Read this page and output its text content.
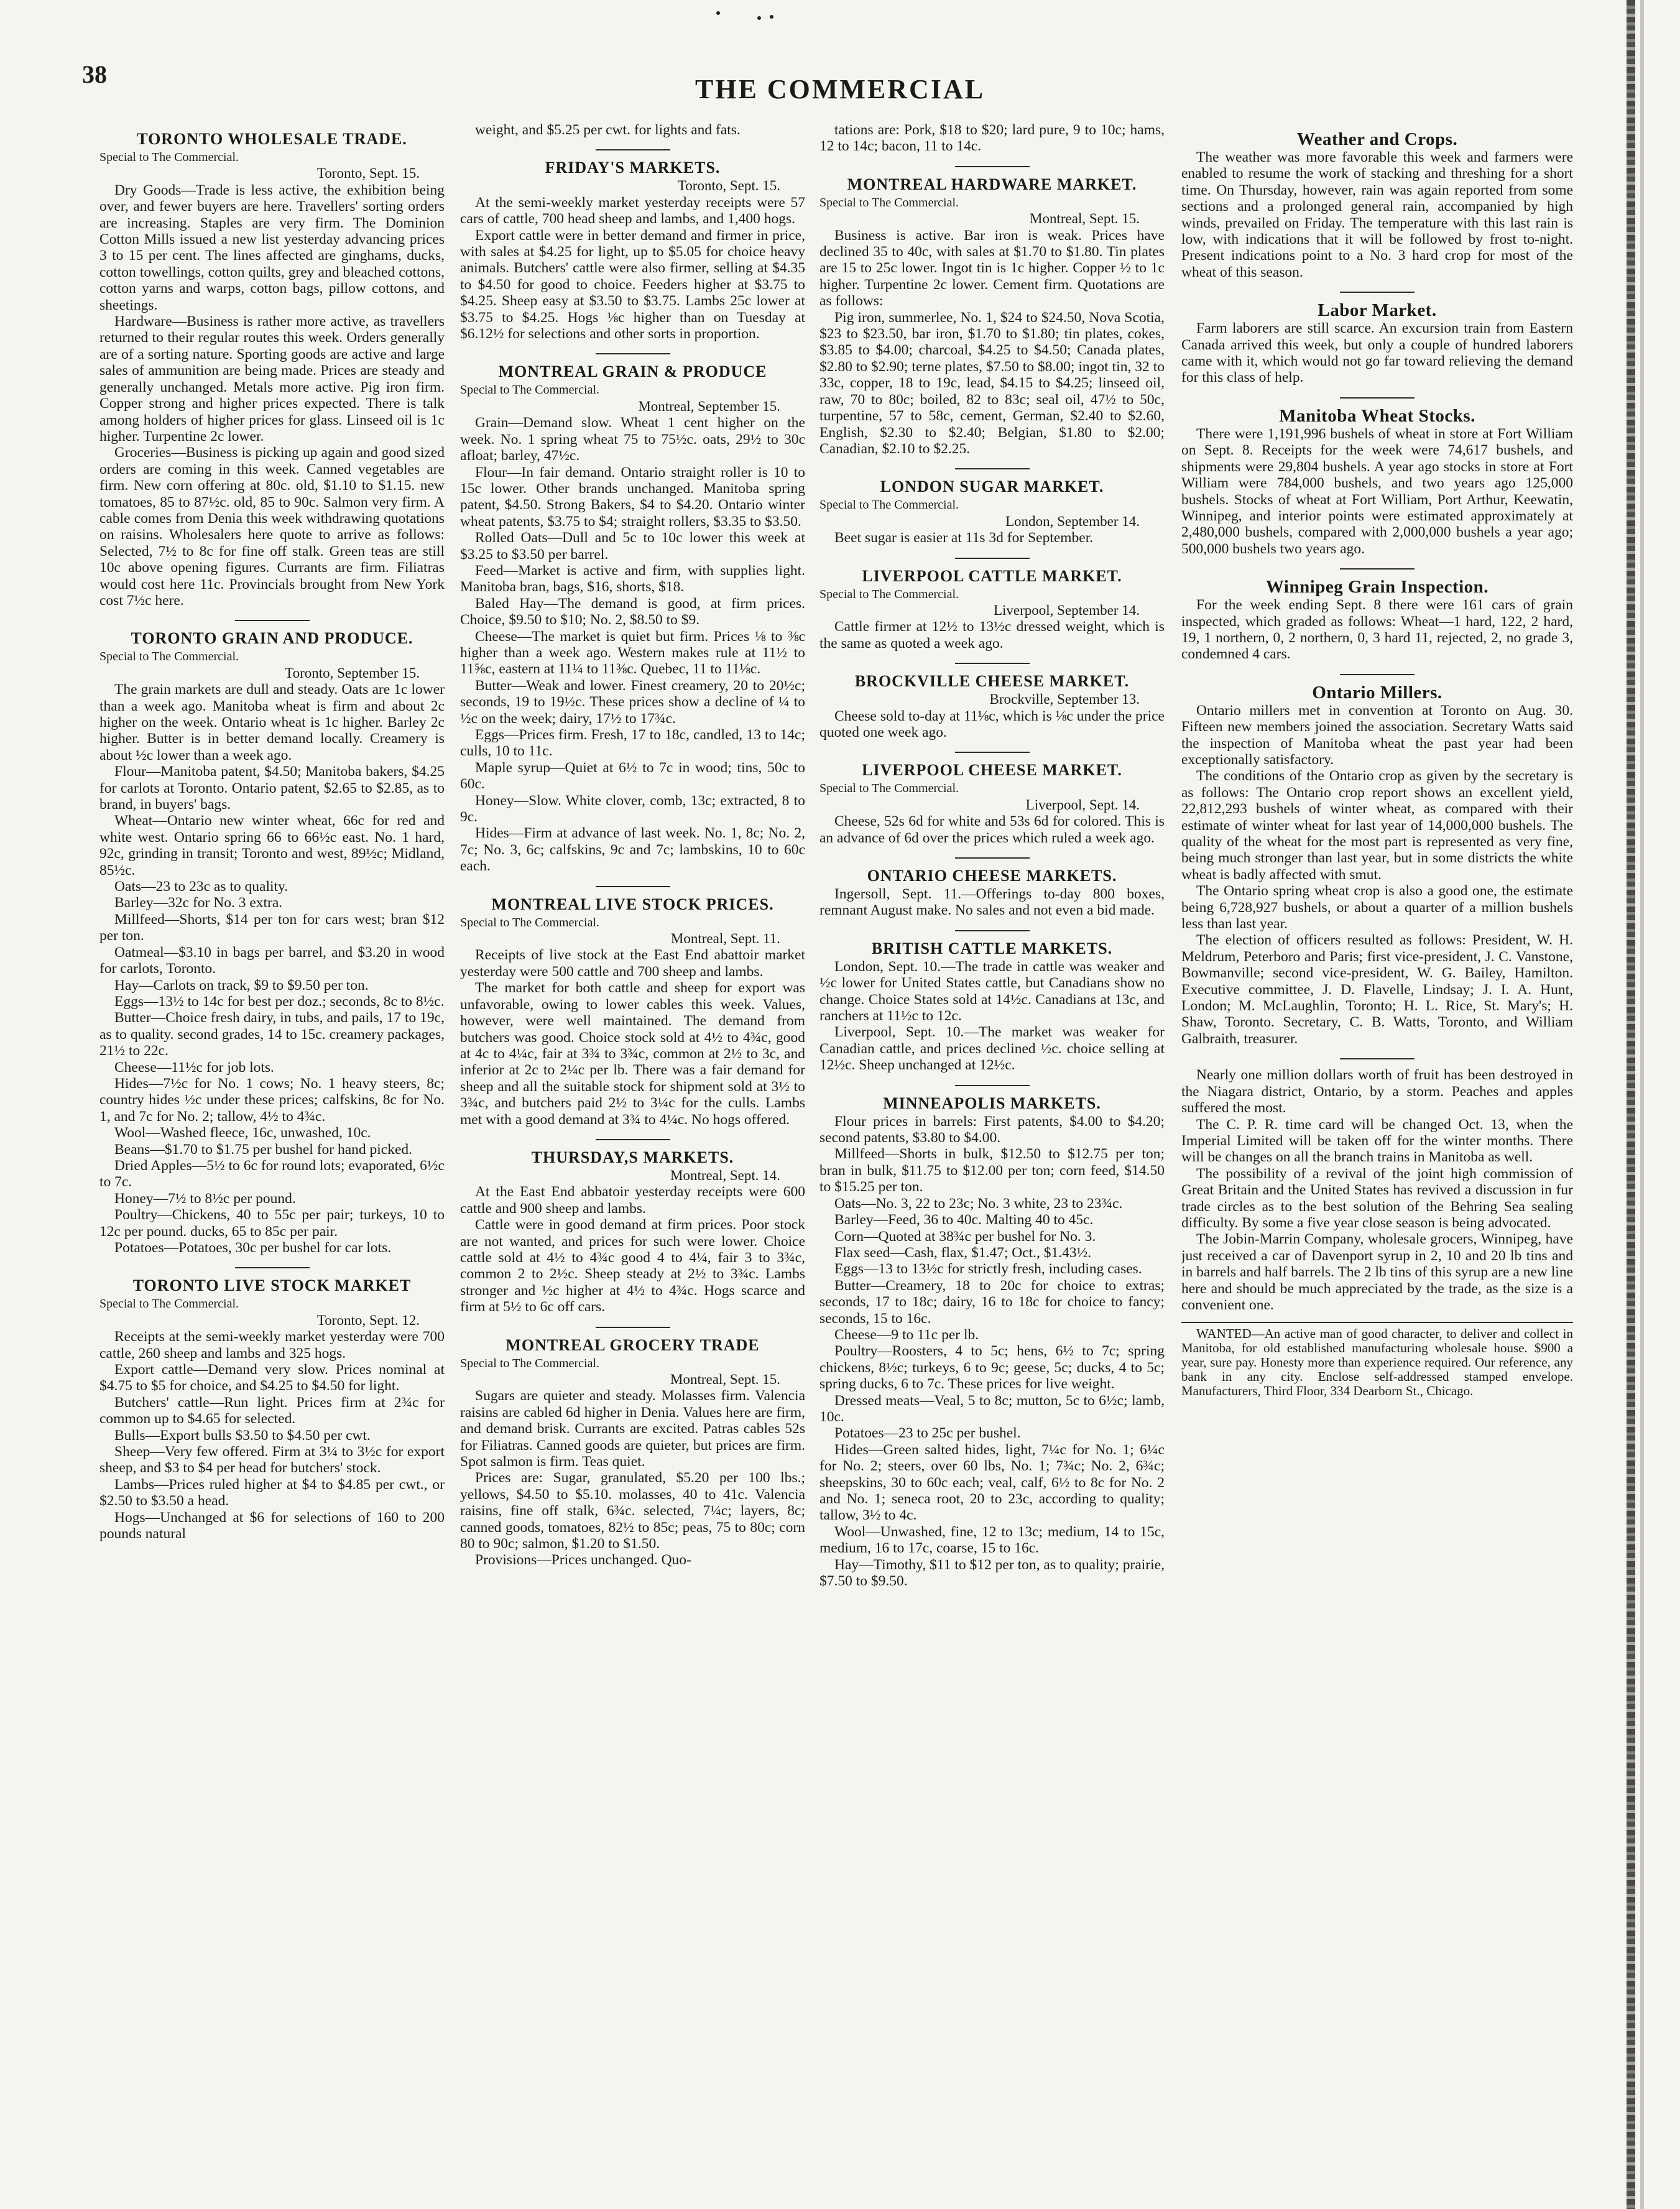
38	THE COMMERCIAL
TORONTO WHOLESALE TRADE.
Special to The Commercial.
Toronto, Sept. 15.

Dry Goods—Trade is less active, the exhibition being over, and fewer buyers are here. Travellers' sorting orders are increasing. Staples are very firm. The Dominion Cotton Mills issued a new list yesterday advancing prices 3 to 15 per cent. The lines affected are ginghams, ducks, cotton towellings, cotton quilts, grey and bleached cottons, cotton yarns and warps, cotton bags, pillow cottons, and sheetings.

Hardware—Business is rather more active, as travellers returned to their regular routes this week. Orders generally are of a sorting nature. Sporting goods are active and large sales of ammunition are being made. Prices are steady and generally unchanged. Metals more active. Pig iron firm. Copper strong and higher prices expected. There is talk among holders of higher prices for glass. Linseed oil is 1c higher. Turpentine 2c lower.

Groceries—Business is picking up again and good sized orders are coming in this week. Canned vegetables are firm. New corn offering at 80c. old, $1.10 to $1.15. new tomatoes, 85 to 87½c. old, 85 to 90c. Salmon very firm. A cable comes from Denia this week withdrawing quotations on raisins. Wholesalers here quote to arrive as follows: Selected, 7½ to 8c for fine off stalk. Green teas are still 10c above opening figures. Currants are firm. Filiatras would cost here 11c. Provincials brought from New York cost 7½c here.

TORONTO GRAIN AND PRODUCE.
Special to The Commercial.
Toronto, September 15.

The grain markets are dull and steady. Oats are 1c lower than a week ago. Manitoba wheat is firm and about 2c higher on the week. Ontario wheat is 1c higher. Barley 2c higher. Butter is in better demand locally. Creamery is about ½c lower than a week ago.

Flour—Manitoba patent, $4.50; Manitoba bakers, $4.25 for carlots at Toronto. Ontario patent, $2.65 to $2.85, as to brand, in buyers' bags.

Wheat—Ontario new winter wheat, 66c for red and white west. Ontario spring 66 to 66½c east. No. 1 hard, 92c, grinding in transit; Toronto and west, 89½c; Midland, 85½c.

Oats—23 to 23c as to quality.

Barley—32c for No. 3 extra.

Millfeed—Shorts, $14 per ton for cars west; bran $12 per ton.

Oatmeal—$3.10 in bags per barrel, and $3.20 in wood for carlots, Toronto.

Hay—Carlots on track, $9 to $9.50 per ton.

Eggs—13½ to 14c for best per doz.; seconds, 8c to 8½c.

Butter—Choice fresh dairy, in tubs, and pails, 17 to 19c, as to quality. second grades, 14 to 15c. creamery packages, 21½ to 22c.

Cheese—11½c for job lots.

Hides—7½c for No. 1 cows; No. 1 heavy steers, 8c; country hides ½c under these prices; calfskins, 8c for No. 1, and 7c for No. 2; tallow, 4½ to 4¾c.

Wool—Washed fleece, 16c, unwashed, 10c.

Beans—$1.70 to $1.75 per bushel for hand picked.

Dried Apples—5½ to 6c for round lots; evaporated, 6½c to 7c.

Honey—7½ to 8½c per pound.

Poultry—Chickens, 40 to 55c per pair; turkeys, 10 to 12c per pound. ducks, 65 to 85c per pair.

Potatoes—Potatoes, 30c per bushel for car lots.

TORONTO LIVE STOCK MARKET
Special to The Commercial.
Toronto, Sept. 12.

Receipts at the semi-weekly market yesterday were 700 cattle, 260 sheep and lambs and 325 hogs.

Export cattle—Demand very slow. Prices nominal at $4.75 to $5 for choice, and $4.25 to $4.50 for light.

Butchers' cattle—Run light. Prices firm at 2¾c for common up to $4.65 for selected.

Bulls—Export bulls $3.50 to $4.50 per cwt.

Sheep—Very few offered. Firm at 3¼ to 3½c for export sheep, and $3 to $4 per head for butchers' stock.

Lambs—Prices ruled higher at $4 to $4.85 per cwt., or $2.50 to $3.50 a head.

Hogs—Unchanged at $6 for selections of 160 to 200 pounds natural

weight, and $5.25 per cwt. for lights and fats.

FRIDAY'S MARKETS.
Toronto, Sept. 15.

At the semi-weekly market yesterday receipts were 57 cars of cattle, 700 head sheep and lambs, and 1,400 hogs.

Export cattle were in better demand and firmer in price, with sales at $4.25 for light, up to $5.05 for choice heavy animals. Butchers' cattle were also firmer, selling at $4.35 to $4.50 for good to choice. Feeders higher at $3.75 to $4.25. Sheep easy at $3.50 to $3.75. Lambs 25c lower at $3.75 to $4.25. Hogs ⅛c higher than on Tuesday at $6.12½ for selections and other sorts in proportion.

MONTREAL GRAIN & PRODUCE
Special to The Commercial.
Montreal, September 15.

Grain—Demand slow. Wheat 1 cent higher on the week. No. 1 spring wheat 75 to 75½c. oats, 29½ to 30c afloat; barley, 47½c.

Flour—In fair demand. Ontario straight roller is 10 to 15c lower. Other brands unchanged. Manitoba spring patent, $4.50. Strong Bakers, $4 to $4.20. Ontario winter wheat patents, $3.75 to $4; straight rollers, $3.35 to $3.50.

Rolled Oats—Dull and 5c to 10c lower this week at $3.25 to $3.50 per barrel.

Feed—Market is active and firm, with supplies light. Manitoba bran, bags, $16, shorts, $18.

Baled Hay—The demand is good, at firm prices. Choice, $9.50 to $10; No. 2, $8.50 to $9.

Cheese—The market is quiet but firm. Prices ⅛ to ⅜c higher than a week ago. Western makes rule at 11½ to 11⅝c, eastern at 11¼ to 11⅜c. Quebec, 11 to 11⅛c.

Butter—Weak and lower. Finest creamery, 20 to 20½c; seconds, 19 to 19½c. These prices show a decline of ¼ to ½c on the week; dairy, 17½ to 17¾c.

Eggs—Prices firm. Fresh, 17 to 18c, candled, 13 to 14c; culls, 10 to 11c.

Maple syrup—Quiet at 6½ to 7c in wood; tins, 50c to 60c.

Honey—Slow. White clover, comb, 13c; extracted, 8 to 9c.

Hides—Firm at advance of last week. No. 1, 8c; No. 2, 7c; No. 3, 6c; calfskins, 9c and 7c; lambskins, 10 to 60c each.

MONTREAL LIVE STOCK PRICES.
Special to The Commercial.
Montreal, Sept. 11.

Receipts of live stock at the East End abattoir market yesterday were 500 cattle and 700 sheep and lambs.

The market for both cattle and sheep for export was unfavorable, owing to lower cables this week. Values, however, were well maintained. The demand from butchers was good. Choice stock sold at 4½ to 4¾c, good at 4c to 4¼c, fair at 3¾ to 3¾c, common at 2½ to 3c, and inferior at 2c to 2¼c per lb. There was a fair demand for sheep and all the suitable stock for shipment sold at 3½ to 3¾c, and butchers paid 2½ to 3¼c for the culls. Lambs met with a good demand at 3¾ to 4¼c. No hogs offered.

THURSDAY,S MARKETS.
Montreal, Sept. 14.

At the East End abbatoir yesterday receipts were 600 cattle and 900 sheep and lambs.

Cattle were in good demand at firm prices. Poor stock are not wanted, and prices for such were lower. Choice cattle sold at 4½ to 4¾c good 4 to 4¼, fair 3 to 3¾c, common 2 to 2½c. Sheep steady at 2½ to 3¾c. Lambs stronger and ½c higher at 4½ to 4¾c. Hogs scarce and firm at 5½ to 6c off cars.

MONTREAL GROCERY TRADE
Special to The Commercial.
Montreal, Sept. 15.

Sugars are quieter and steady. Molasses firm. Valencia raisins are cabled 6d higher in Denia. Values here are firm, and demand brisk. Currants are excited. Patras cables 52s for Filiatras. Canned goods are quieter, but prices are firm. Spot salmon is firm. Teas quiet.

Prices are: Sugar, granulated, $5.20 per 100 lbs.; yellows, $4.50 to $5.10. molasses, 40 to 41c. Valencia raisins, fine off stalk, 6¾c. selected, 7¼c; layers, 8c; canned goods, tomatoes, 82½ to 85c; peas, 75 to 80c; corn 80 to 90c; salmon, $1.20 to $1.50.

Provisions—Prices unchanged. Quo-

tations are: Pork, $18 to $20; lard pure, 9 to 10c; hams, 12 to 14c; bacon, 11 to 14c.

MONTREAL HARDWARE MARKET.
Special to The Commercial.
Montreal, Sept. 15.

Business is active. Bar iron is weak. Prices have declined 35 to 40c, with sales at $1.70 to $1.80. Tin plates are 15 to 25c lower. Ingot tin is 1c higher. Copper ½ to 1c higher. Turpentine 2c lower. Cement firm. Quotations are as follows:

Pig iron, summerlee, No. 1, $24 to $24.50, Nova Scotia, $23 to $23.50, bar iron, $1.70 to $1.80; tin plates, cokes, $3.85 to $4.00; charcoal, $4.25 to $4.50; Canada plates, $2.80 to $2.90; terne plates, $7.50 to $8.00; ingot tin, 32 to 33c, copper, 18 to 19c, lead, $4.15 to $4.25; linseed oil, raw, 70 to 80c; boiled, 82 to 83c; seal oil, 47½ to 50c, turpentine, 57 to 58c, cement, German, $2.40 to $2.60, English, $2.30 to $2.40; Belgian, $1.80 to $2.00; Canadian, $2.10 to $2.25.

LONDON SUGAR MARKET.
Special to The Commercial.
London, September 14.

Beet sugar is easier at 11s 3d for September.

LIVERPOOL CATTLE MARKET.
Special to The Commercial.
Liverpool, September 14.

Cattle firmer at 12½ to 13½c dressed weight, which is the same as quoted a week ago.

BROCKVILLE CHEESE MARKET.
Brockville, September 13.

Cheese sold to-day at 11⅛c, which is ⅛c under the price quoted one week ago.

LIVERPOOL CHEESE MARKET.
Special to The Commercial.
Liverpool, Sept. 14.

Cheese, 52s 6d for white and 53s 6d for colored. This is an advance of 6d over the prices which ruled a week ago.

ONTARIO CHEESE MARKETS.

Ingersoll, Sept. 11.—Offerings to-day 800 boxes, remnant August make. No sales and not even a bid made.

BRITISH CATTLE MARKETS.

London, Sept. 10.—The trade in cattle was weaker and ½c lower for United States cattle, but Canadians show no change. Choice States sold at 14½c. Canadians at 13c, and ranchers at 11½c to 12c.

Liverpool, Sept. 10.—The market was weaker for Canadian cattle, and prices declined ½c. choice selling at 12½c. Sheep unchanged at 12½c.

MINNEAPOLIS MARKETS.

Flour prices in barrels: First patents, $4.00 to $4.20; second patents, $3.80 to $4.00.

Millfeed—Shorts in bulk, $12.50 to $12.75 per ton; bran in bulk, $11.75 to $12.00 per ton; corn feed, $14.50 to $15.25 per ton.

Oats—No. 3, 22 to 23c; No. 3 white, 23 to 23¾c.

Barley—Feed, 36 to 40c. Malting 40 to 45c.

Corn—Quoted at 38¾c per bushel for No. 3.

Flax seed—Cash, flax, $1.47; Oct., $1.43½.

Eggs—13 to 13½c for strictly fresh, including cases.

Butter—Creamery, 18 to 20c for choice to extras; seconds, 17 to 18c; dairy, 16 to 18c for choice to fancy; seconds, 15 to 16c.

Cheese—9 to 11c per lb.

Poultry—Roosters, 4 to 5c; hens, 6½ to 7c; spring chickens, 8½c; turkeys, 6 to 9c; geese, 5c; ducks, 4 to 5c; spring ducks, 6 to 7c. These prices for live weight.

Dressed meats—Veal, 5 to 8c; mutton, 5c to 6½c; lamb, 10c.

Potatoes—23 to 25c per bushel.

Hides—Green salted hides, light, 7¼c for No. 1; 6¼c for No. 2; steers, over 60 lbs, No. 1; 7¾c; No. 2, 6¾c; sheepskins, 30 to 60c each; veal, calf, 6½ to 8c for No. 2 and No. 1; seneca root, 20 to 23c, according to quality; tallow, 3½ to 4c.

Wool—Unwashed, fine, 12 to 13c; medium, 14 to 15c, medium, 16 to 17c, coarse, 15 to 16c.

Hay—Timothy, $11 to $12 per ton, as to quality; prairie, $7.50 to $9.50.

Weather and Crops.

The weather was more favorable this week and farmers were enabled to resume the work of stacking and threshing for a short time. On Thursday, however, rain was again reported from some sections and a prolonged general rain, accompanied by high winds, prevailed on Friday. The temperature with this last rain is low, with indications that it will be followed by frost to-night. Present indications point to a No. 3 hard crop for most of the wheat of this season.

Labor Market.

Farm laborers are still scarce. An excursion train from Eastern Canada arrived this week, but only a couple of hundred laborers came with it, which would not go far toward relieving the demand for this class of help.

Manitoba Wheat Stocks.

There were 1,191,996 bushels of wheat in store at Fort William on Sept. 8. Receipts for the week were 74,617 bushels, and shipments were 29,804 bushels. A year ago stocks in store at Fort William were 784,000 bushels, and two years ago 125,000 bushels. Stocks of wheat at Fort William, Port Arthur, Keewatin, Winnipeg, and interior points were estimated approximately at 2,480,000 bushels, compared with 2,000,000 bushels a year ago; 500,000 bushels two years ago.

Winnipeg Grain Inspection.

For the week ending Sept. 8 there were 161 cars of grain inspected, which graded as follows: Wheat—1 hard, 122, 2 hard, 19, 1 northern, 0, 2 northern, 0, 3 hard 11, rejected, 2, no grade 3, condemned 4 cars.

Ontario Millers.

Ontario millers met in convention at Toronto on Aug. 30. Fifteen new members joined the association. Secretary Watts said the inspection of Manitoba wheat the past year had been exceptionally satisfactory.

The conditions of the Ontario crop as given by the secretary is as follows: The Ontario crop report shows an excellent yield, 22,812,293 bushels of winter wheat, as compared with their estimate of winter wheat for last year of 14,000,000 bushels. The quality of the wheat for the most part is represented as very fine, being much stronger than last year, but in some districts the white wheat is badly affected with smut.

The Ontario spring wheat crop is also a good one, the estimate being 6,728,927 bushels, or about a quarter of a million bushels less than last year.

The election of officers resulted as follows: President, W. H. Meldrum, Peterboro and Paris; first vice-president, J. C. Vanstone, Bowmanville; second vice-president, W. G. Bailey, Hamilton. Executive committee, J. D. Flavelle, Lindsay; J. I. A. Hunt, London; M. McLaughlin, Toronto; H. L. Rice, St. Mary's; H. Shaw, Toronto. Secretary, C. B. Watts, Toronto, and William Galbraith, treasurer.

Nearly one million dollars worth of fruit has been destroyed in the Niagara district, Ontario, by a storm. Peaches and apples suffered the most.

The C. P. R. time card will be changed Oct. 13, when the Imperial Limited will be taken off for the winter months. There will be changes on all the branch trains in Manitoba as well.

The possibility of a revival of the joint high commission of Great Britain and the United States has revived a discussion in fur trade circles as to the best solution of the Behring Sea sealing difficulty. By some a five year close season is being advocated.

The Jobin-Marrin Company, wholesale grocers, Winnipeg, have just received a car of Davenport syrup in 2, 10 and 20 lb tins and in barrels and half barrels. The 2 lb tins of this syrup are a new line here and should be much appreciated by the trade, as the size is a convenient one.

WANTED—An active man of good character, to deliver and collect in Manitoba, for old established manufacturing wholesale house. $900 a year, sure pay. Honesty more than experience required. Our reference, any bank in any city. Enclose self-addressed stamped envelope. Manufacturers, Third Floor, 334 Dearborn St., Chicago.
